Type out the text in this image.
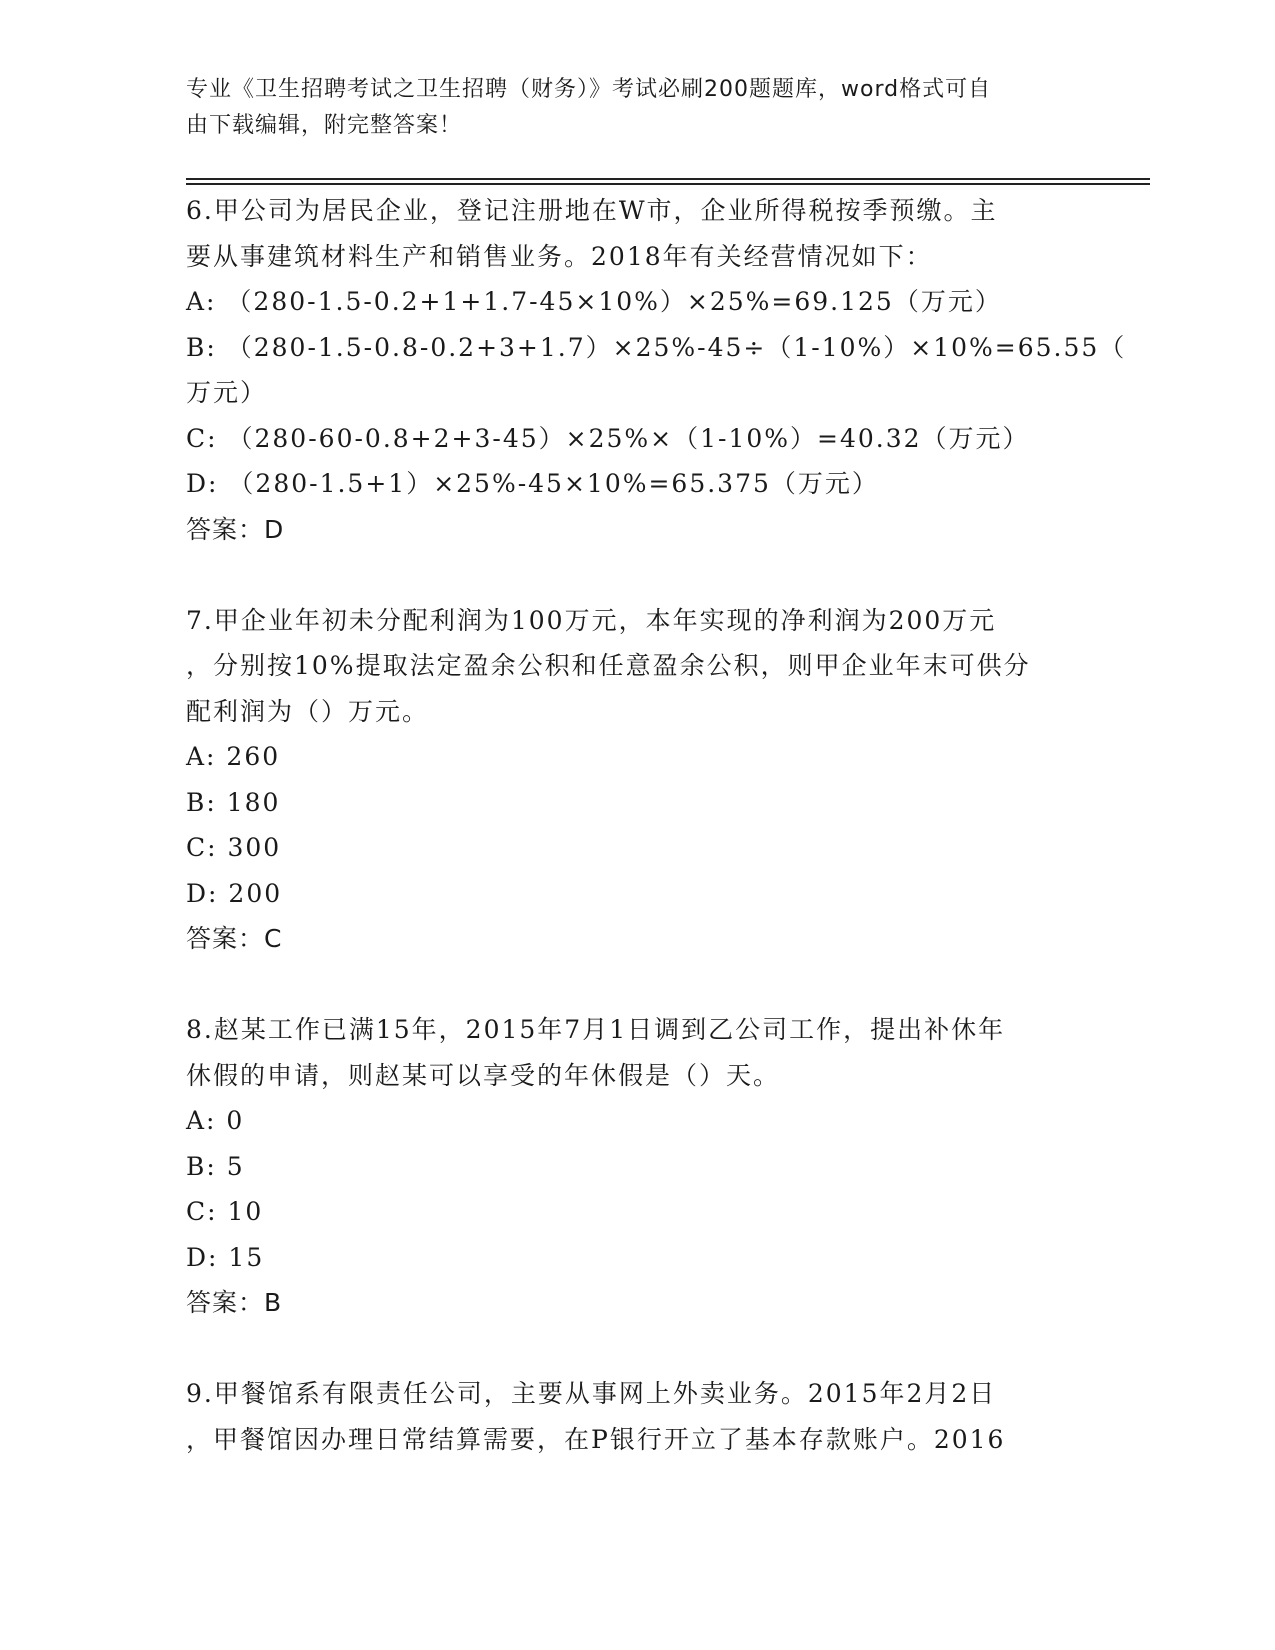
专业《卫生招聘考试之卫生招聘（财务）》考试必刷200题题库，word格式可自
由下载编辑，附完整答案！
6.甲公司为居民企业，登记注册地在W市，企业所得税按季预缴。主
要从事建筑材料生产和销售业务。2018年有关经营情况如下：
A: （280-1.5-0.2+1+1.7-45×10%）×25%=69.125（万元）
B: （280-1.5-0.8-0.2+3+1.7）×25%-45÷（1-10%）×10%=65.55（
万元）
C: （280-60-0.8+2+3-45）×25%×（1-10%）=40.32（万元）
D: （280-1.5+1）×25%-45×10%=65.375（万元）
答案：D
7.甲企业年初未分配利润为100万元，本年实现的净利润为200万元
，分别按10%提取法定盈余公积和任意盈余公积，则甲企业年末可供分
配利润为（）万元。
A: 260
B: 180
C: 300
D: 200
答案：C
8.赵某工作已满15年，2015年7月1日调到乙公司工作，提出补休年
休假的申请，则赵某可以享受的年休假是（）天。
A: 0
B: 5
C: 10
D: 15
答案：B
9.甲餐馆系有限责任公司，主要从事网上外卖业务。2015年2月2日
，甲餐馆因办理日常结算需要，在P银行开立了基本存款账户。2016
